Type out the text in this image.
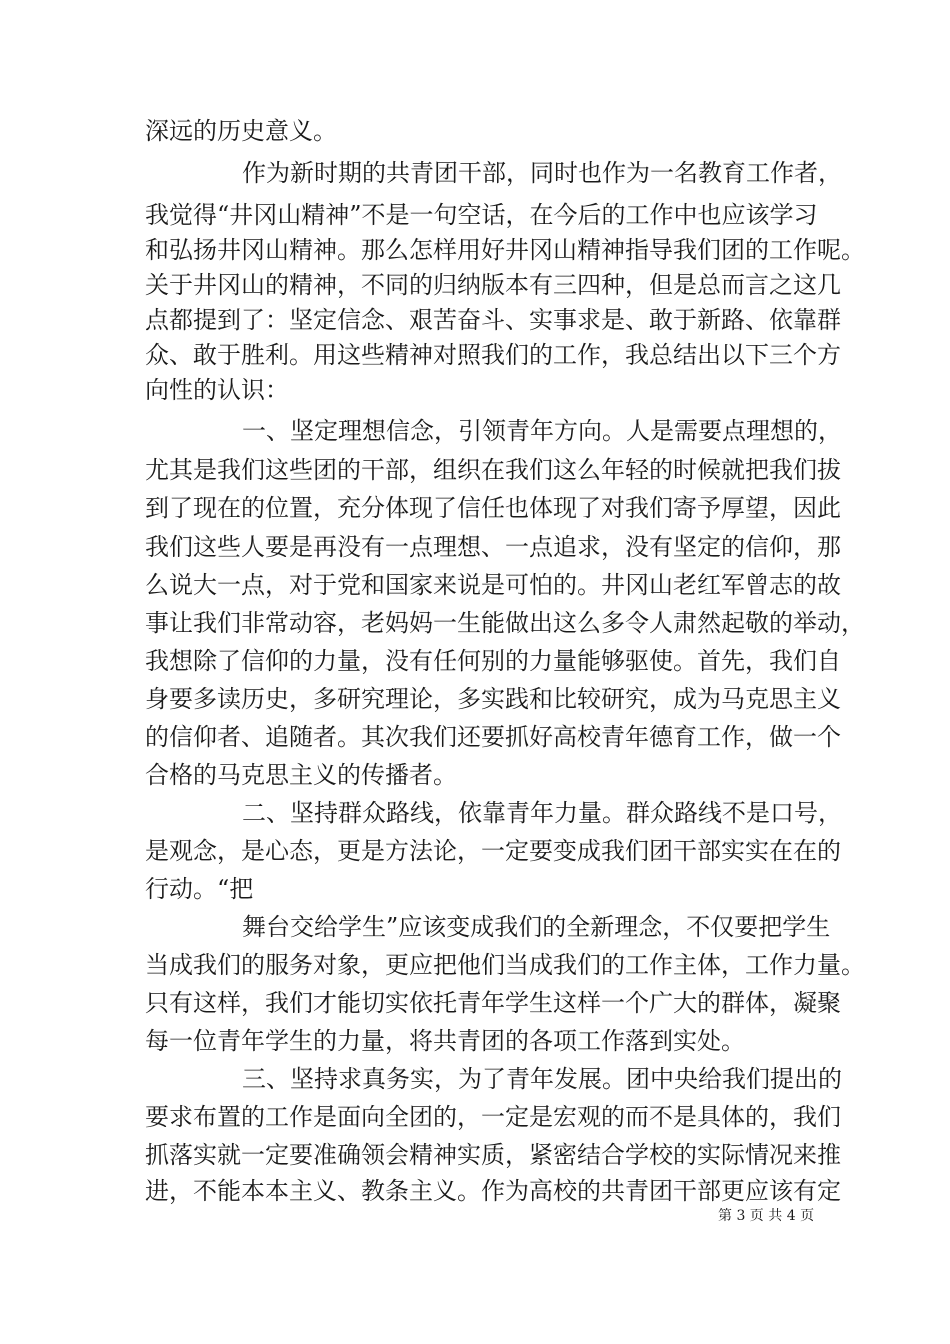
深远的历史意义。
作为新时期的共青团干部，同时也作为一名教育工作者，
我觉得“井冈山精神”不是一句空话，在今后的工作中也应该学习
和弘扬井冈山精神。那么怎样用好井冈山精神指导我们团的工作呢。
关于井冈山的精神，不同的归纳版本有三四种，但是总而言之这几
点都提到了：坚定信念、艰苦奋斗、实事求是、敢于新路、依靠群
众、敢于胜利。用这些精神对照我们的工作，我总结出以下三个方
向性的认识：
一、坚定理想信念，引领青年方向。人是需要点理想的，
尤其是我们这些团的干部，组织在我们这么年轻的时候就把我们拔
到了现在的位置，充分体现了信任也体现了对我们寄予厚望，因此
我们这些人要是再没有一点理想、一点追求，没有坚定的信仰，那
么说大一点，对于党和国家来说是可怕的。井冈山老红军曾志的故
事让我们非常动容，老妈妈一生能做出这么多令人肃然起敬的举动，
我想除了信仰的力量，没有任何别的力量能够驱使。首先，我们自
身要多读历史，多研究理论，多实践和比较研究，成为马克思主义
的信仰者、追随者。其次我们还要抓好高校青年德育工作，做一个
合格的马克思主义的传播者。
二、坚持群众路线，依靠青年力量。群众路线不是口号，
是观念，是心态，更是方法论，一定要变成我们团干部实实在在的
行动。“把
舞台交给学生”应该变成我们的全新理念，不仅要把学生
当成我们的服务对象，更应把他们当成我们的工作主体，工作力量。
只有这样，我们才能切实依托青年学生这样一个广大的群体，凝聚
每一位青年学生的力量，将共青团的各项工作落到实处。
三、坚持求真务实，为了青年发展。团中央给我们提出的
要求布置的工作是面向全团的，一定是宏观的而不是具体的，我们
抓落实就一定要准确领会精神实质，紧密结合学校的实际情况来推
进，不能本本主义、教条主义。作为高校的共青团干部更应该有定
第 3 页 共 4 页
